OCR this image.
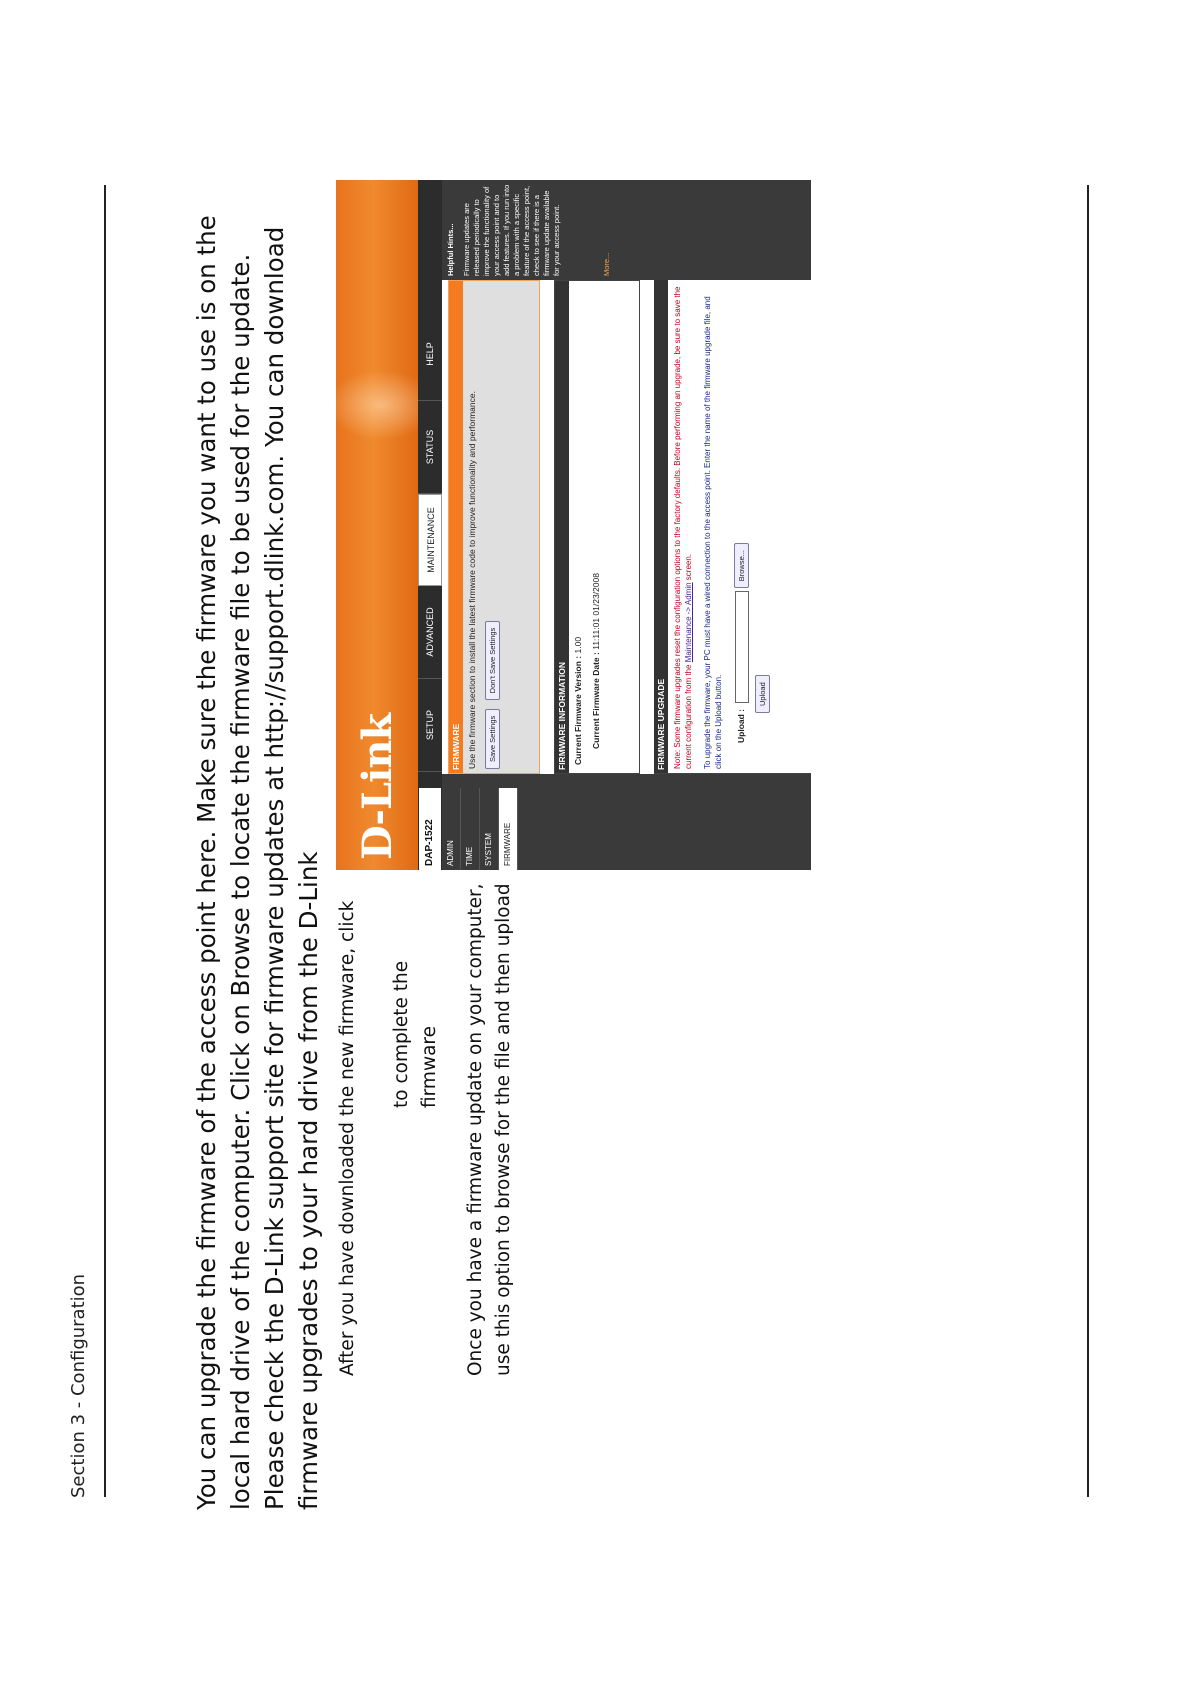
Section 3 - Configuration	You can upgrade the firmware of the access point here. Make sure the firmware you want to use is on the local hard drive of the computer. Click on Browse to locate the firmware file to be used for the update. Please check the D-Link support site for firmware updates at http://support.dlink.com. You can download firmware upgrades to your hard drive from the D-Link After you have downloaded the new firmware, click to complete the firmware Once you have a firmware update on your computer, use this option to browse for the file and then upload

D-Link	DAP-1522
SETUP
ADVANCED
MAINTENANCE
STATUS
HELP
ADMIN	TIME	SYSTEM	FIRMWARE
FIRMWARE Use the firmware section to install the latest firmware code to improve functionality and performance.	Save Settings Don't Save Settings
FIRMWARE INFORMATION Current Firmware Version : 1.00
Current Firmware Date : 11:11:01 01/23/2008
FIRMWARE UPGRADE Note: Some firmware upgrades reset the configuration options to the factory defaults. Before performing an upgrade, be sure to save the current configuration from the Maintenance -> Admin screen.	To upgrade the firmware, your PC must have a wired connection to the access point. Enter the name of the firmware upgrade file, and click on the Upload button.	Upload :  Browse...
Upload
Helpful Hints... Firmware updates are released periodically to improve the functionality of your access point and to add features. If you run into a problem with a specific feature of the access point, check to see if there is a firmware update available for your access point.	More...
